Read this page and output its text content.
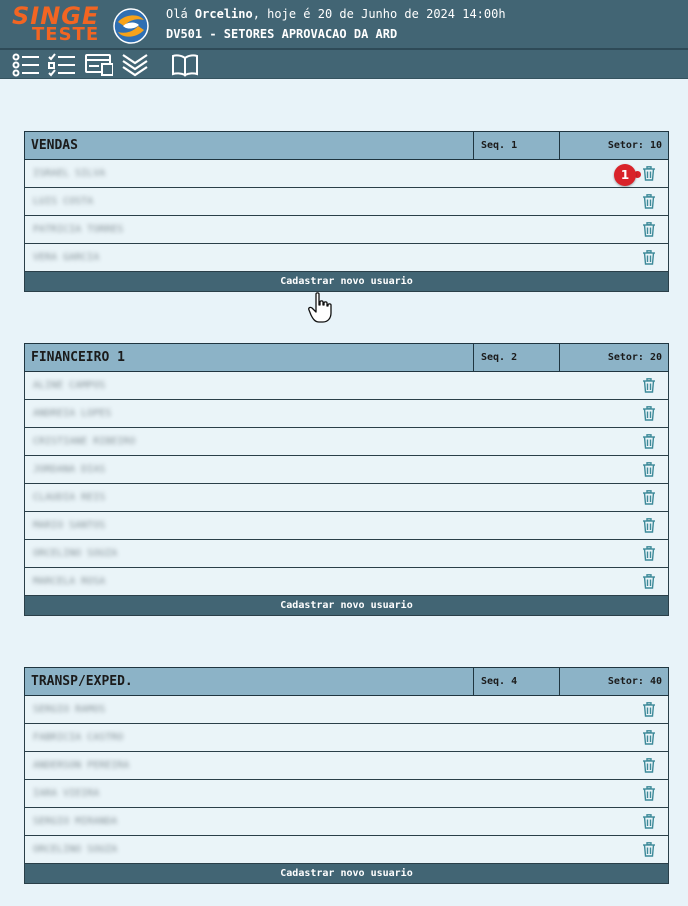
SINGE
TESTE
Olá Orcelino, hoje é 20 de Junho de 2024 14:00h
DV501 - SETORES APROVACAO DA ARD
VENDAS	Seq. 1	Setor: 10
ISRAEL SILVA
LUIS COSTA
PATRICIA TORRES
VERA GARCIA
Cadastrar novo usuario
FINANCEIRO 1	Seq. 2	Setor: 20
ALINE CAMPOS
ANDREIA LOPES
CRISTIANE RIBEIRO
JORDANA DIAS
CLAUDIA REIS
MARIO SANTOS
ORCELINO SOUZA
MARCELA ROSA
Cadastrar novo usuario
TRANSP/EXPED.	Seq. 4	Setor: 40
SERGIO RAMOS
FABRICIA CASTRO
ANDERSON PEREIRA
IARA VIEIRA
SERGIO MIRANDA
ORCELINO SOUZA
Cadastrar novo usuario
1
